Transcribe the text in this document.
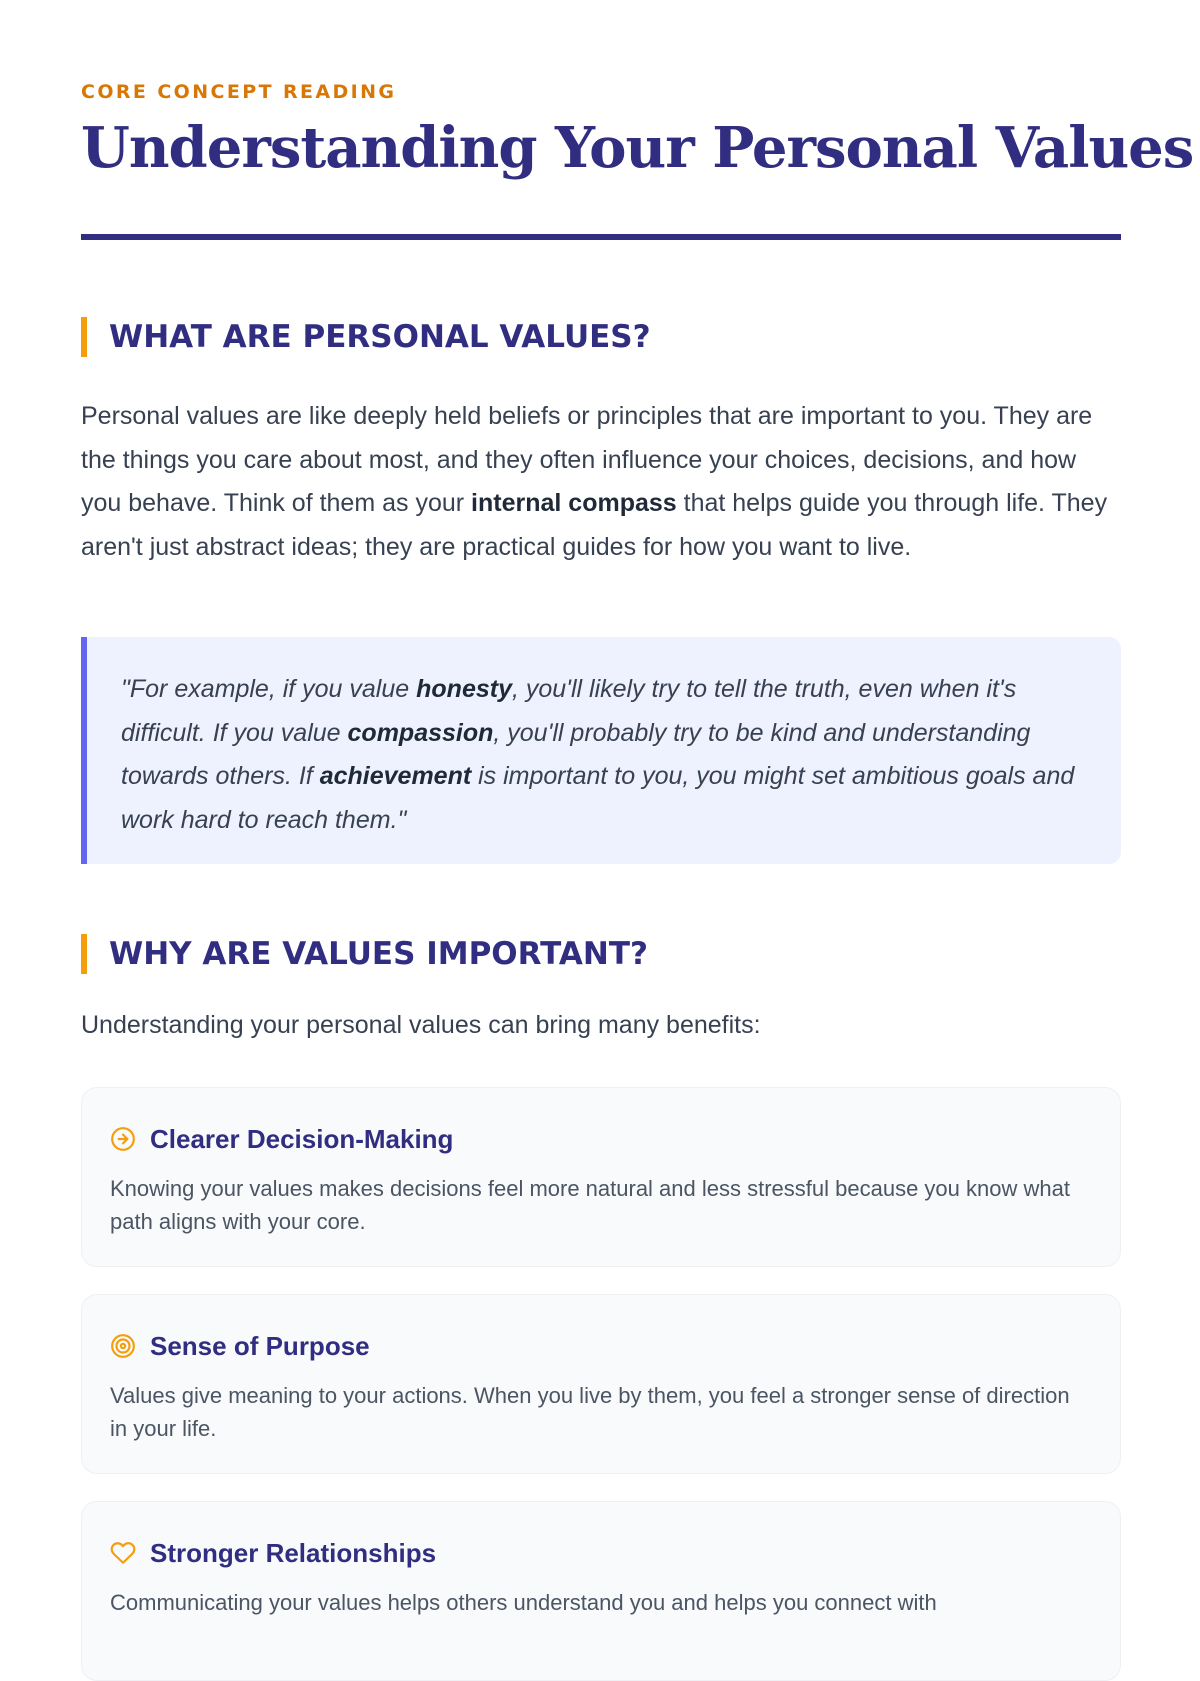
CORE CONCEPT READING
Understanding Your Personal Values
WHAT ARE PERSONAL VALUES?

Personal values are like deeply held beliefs or principles that are important to you. They are the things you care about most, and they often influence your choices, decisions, and how you behave. Think of them as your internal compass that helps guide you through life. They aren't just abstract ideas; they are practical guides for how you want to live.

"For example, if you value honesty, you'll likely try to tell the truth, even when it's difficult. If you value compassion, you'll probably try to be kind and understanding towards others. If achievement is important to you, you might set ambitious goals and work hard to reach them."

WHY ARE VALUES IMPORTANT?

Understanding your personal values can bring many benefits:

Clearer Decision-Making

Knowing your values makes decisions feel more natural and less stressful because you know what path aligns with your core.

Sense of Purpose

Values give meaning to your actions. When you live by them, you feel a stronger sense of direction in your life.

Stronger Relationships

Communicating your values helps others understand you and helps you connect with
